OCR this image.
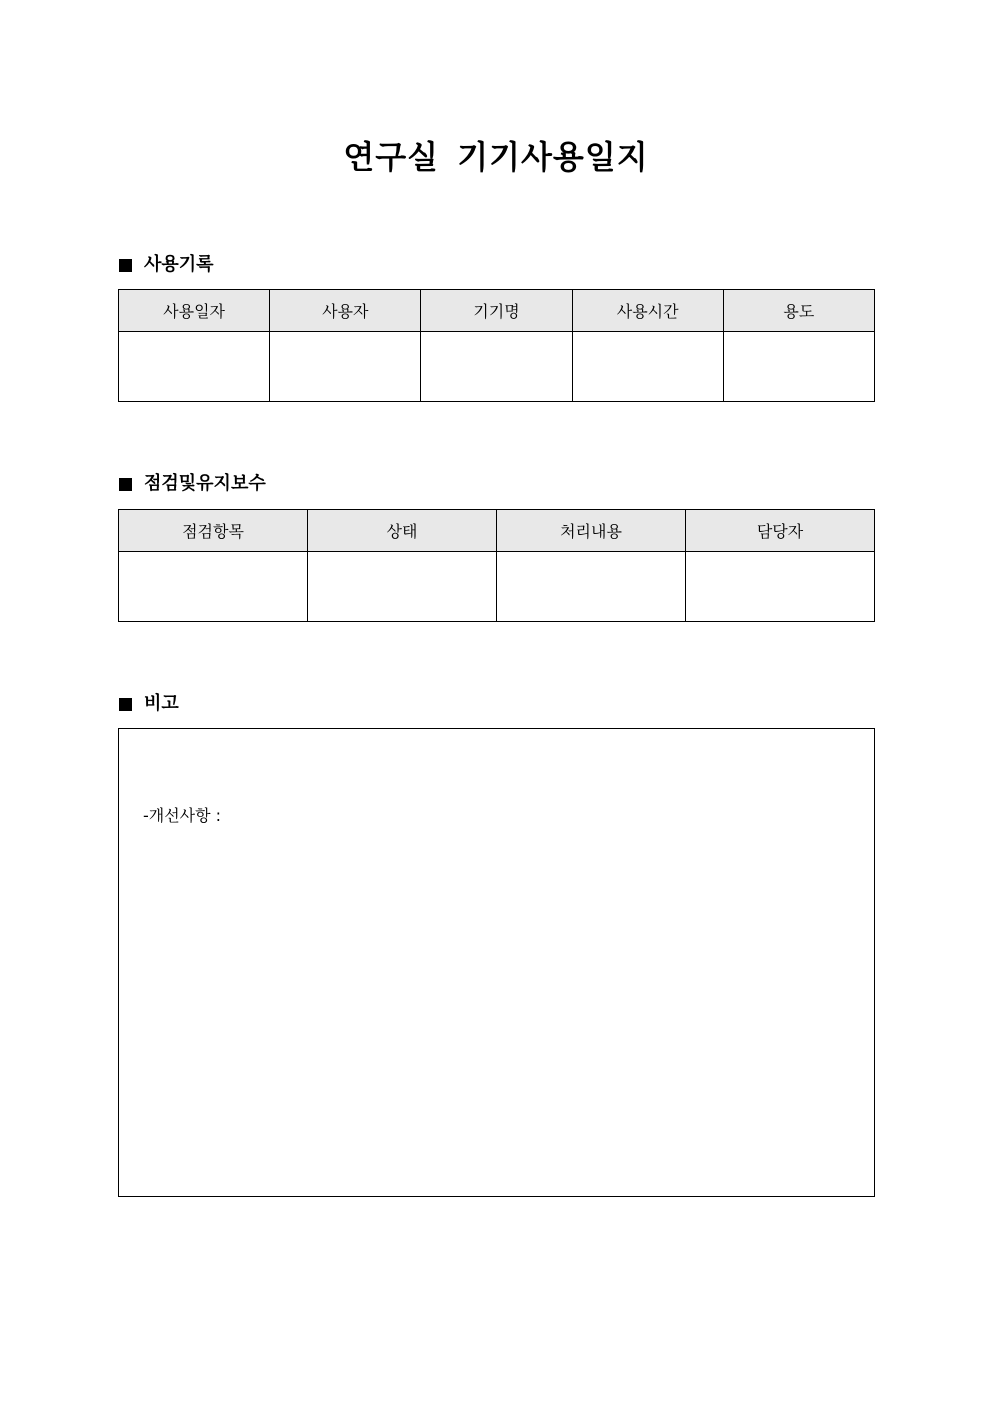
연구실 기기사용일지
사용기록
사용일자	사용자	기기명	사용시간	용도

점검및유지보수
점검항목	상태	처리내용	담당자

비고
-개선사항 :
